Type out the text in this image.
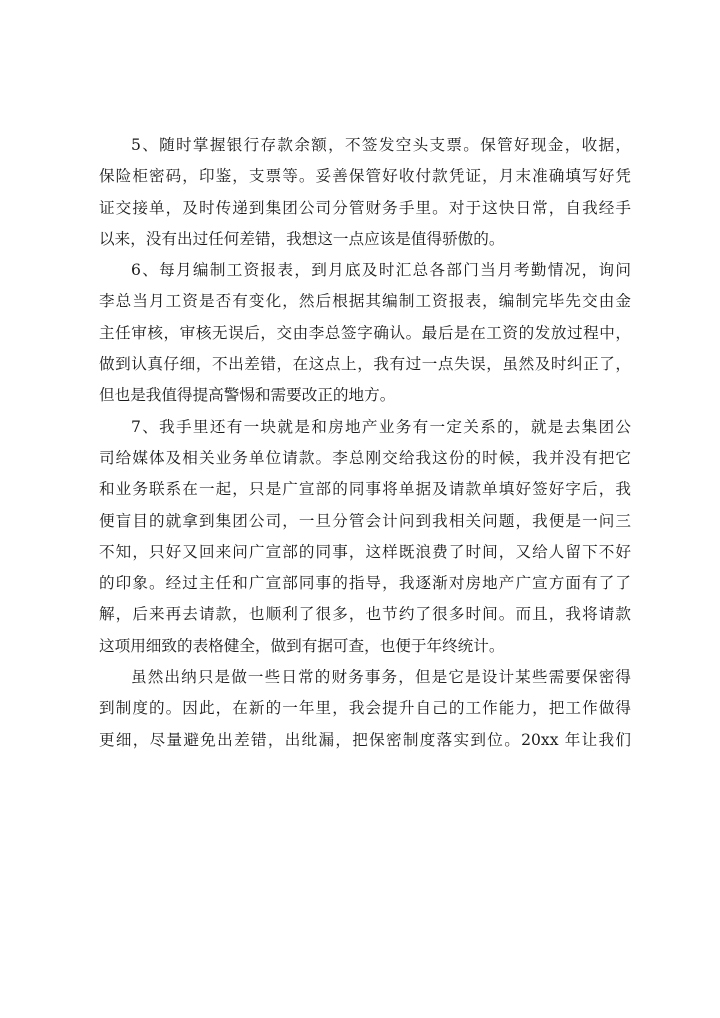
5、随时掌握银行存款余额，不签发空头支票。保管好现金，收据，
保险柜密码，印鉴，支票等。妥善保管好收付款凭证，月末准确填写好凭
证交接单，及时传递到集团公司分管财务手里。对于这快日常，自我经手
以来，没有出过任何差错，我想这一点应该是值得骄傲的。
6、每月编制工资报表，到月底及时汇总各部门当月考勤情况，询问
李总当月工资是否有变化，然后根据其编制工资报表，编制完毕先交由金
主任审核，审核无误后，交由李总签字确认。最后是在工资的发放过程中，
做到认真仔细，不出差错，在这点上，我有过一点失误，虽然及时纠正了，
但也是我值得提高警惕和需要改正的地方。
7、我手里还有一块就是和房地产业务有一定关系的，就是去集团公
司给媒体及相关业务单位请款。李总刚交给我这份的时候，我并没有把它
和业务联系在一起，只是广宣部的同事将单据及请款单填好签好字后，我
便盲目的就拿到集团公司，一旦分管会计问到我相关问题，我便是一问三
不知，只好又回来问广宣部的同事，这样既浪费了时间，又给人留下不好
的印象。经过主任和广宣部同事的指导，我逐渐对房地产广宣方面有了了
解，后来再去请款，也顺利了很多，也节约了很多时间。而且，我将请款
这项用细致的表格健全，做到有据可查，也便于年终统计。
虽然出纳只是做一些日常的财务事务，但是它是设计某些需要保密得
到制度的。因此，在新的一年里，我会提升自己的工作能力，把工作做得
更细，尽量避免出差错，出纰漏，把保密制度落实到位。20xx 年让我们
